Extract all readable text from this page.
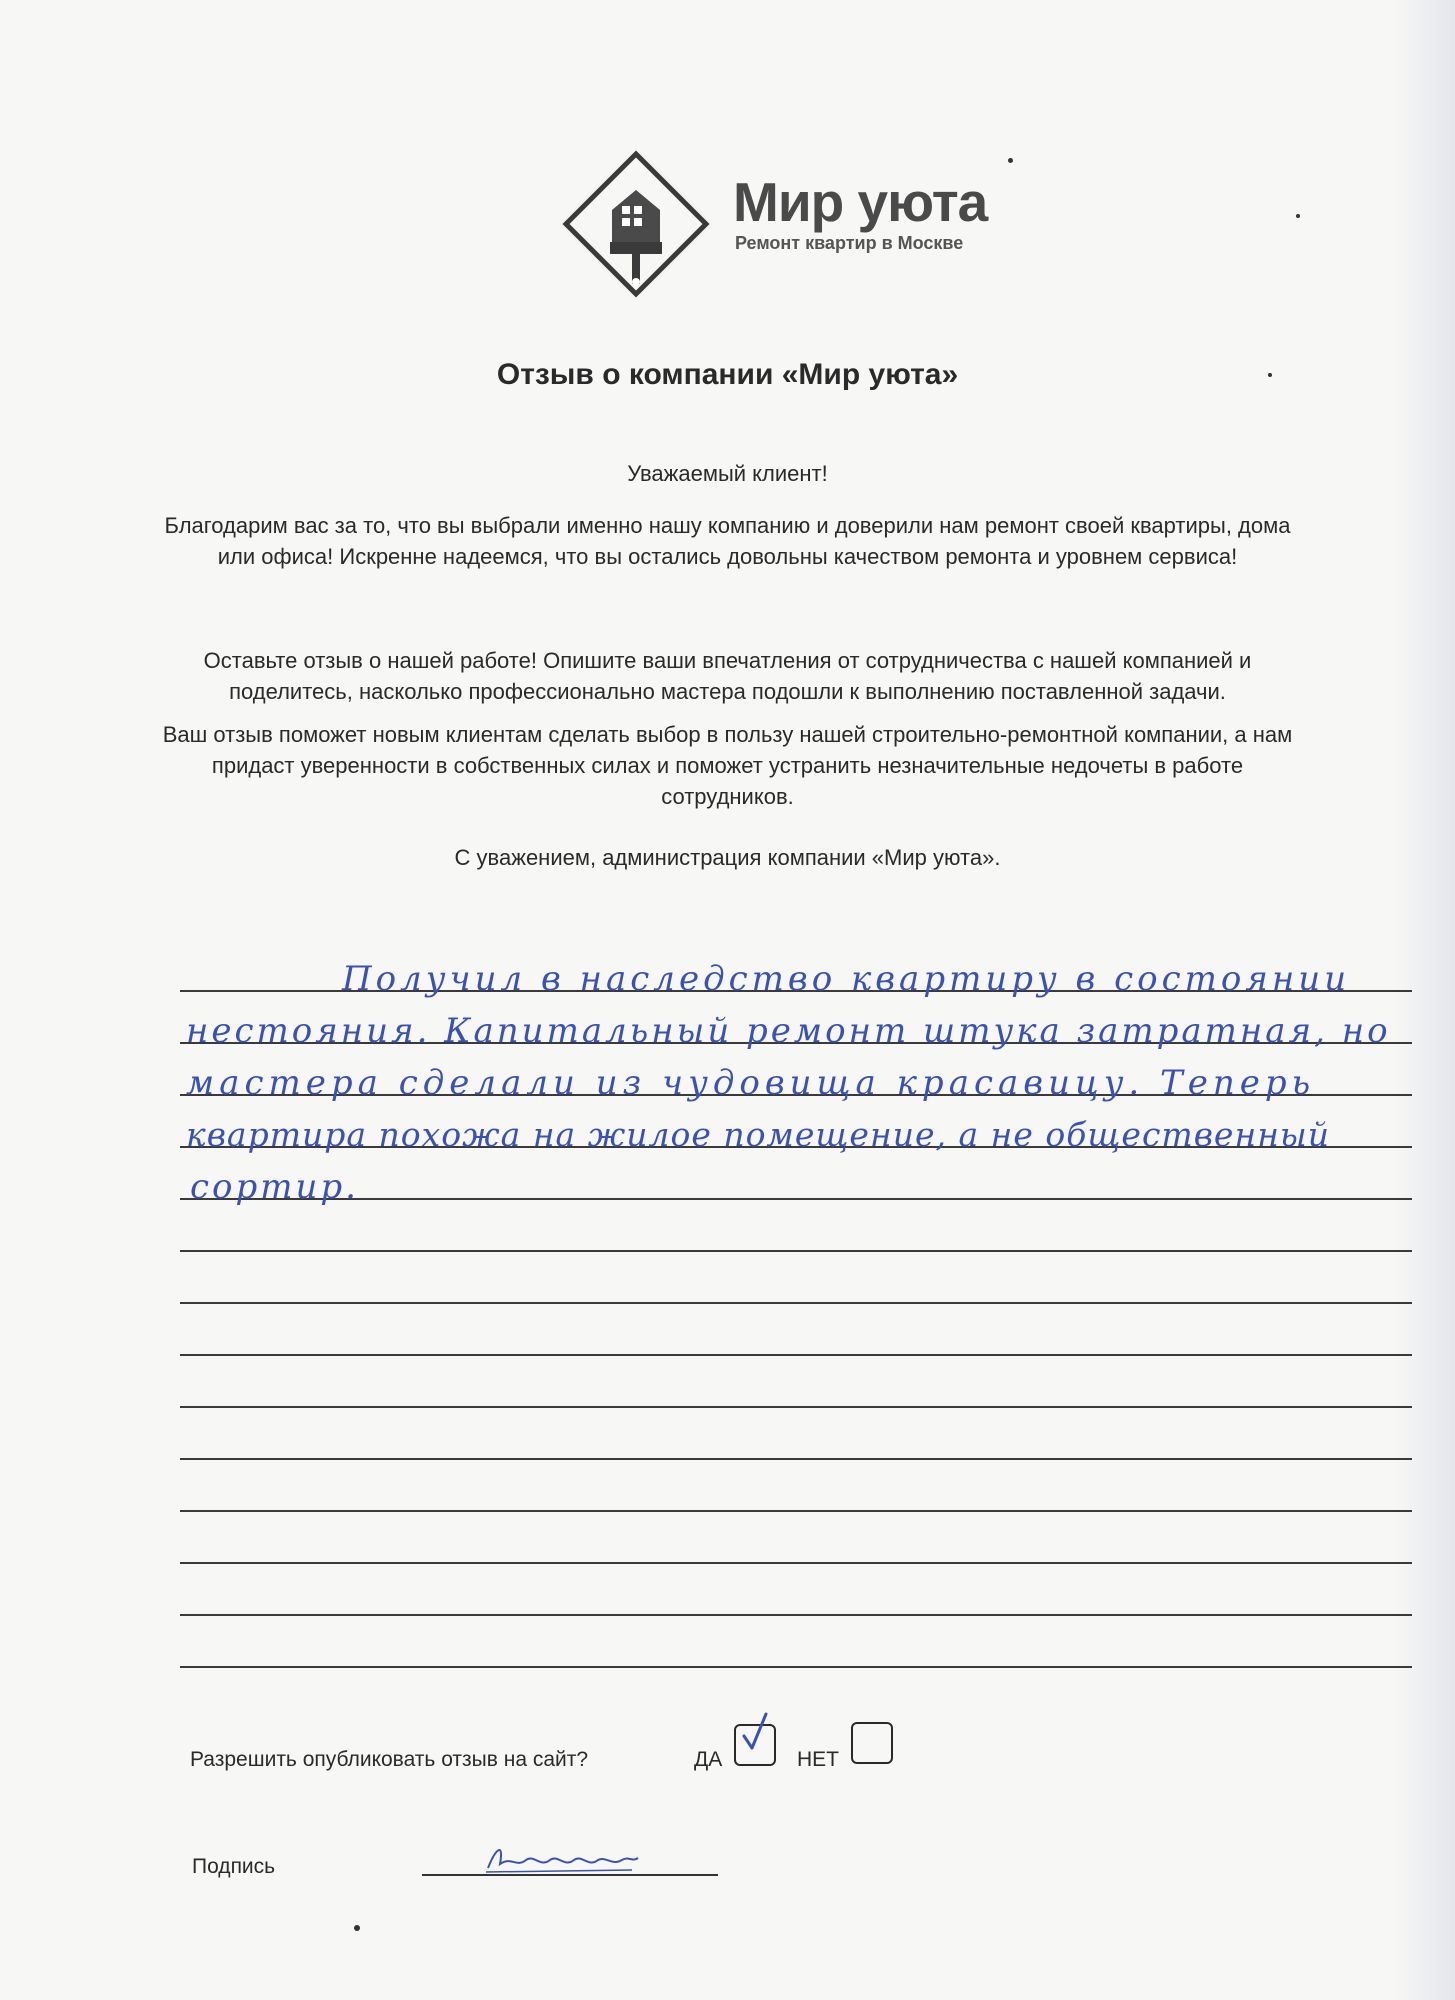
Мир уюта
Ремонт квартир в Москве
Отзыв о компании «Мир уюта»
Уважаемый клиент!
Благодарим вас за то, что вы выбрали именно нашу компанию и доверили нам ремонт своей квартиры, дома или офиса! Искренне надеемся, что вы остались довольны качеством ремонта и уровнем сервиса!
Оставьте отзыв о нашей работе! Опишите ваши впечатления от сотрудничества с нашей компанией и поделитесь, насколько профессионально мастера подошли к выполнению поставленной задачи.
Ваш отзыв поможет новым клиентам сделать выбор в пользу нашей строительно-ремонтной компании, а нам придаст уверенности в собственных силах и поможет устранить незначительные недочеты в работе сотрудников.
С уважением, администрация компании «Мир уюта».
Получил в наследство квартиру в состоянии
нестояния. Капитальный ремонт штука затратная, но
мастера сделали из чудовища красавицу. Теперь
квартира похожа на жилое помещение, а не общественный
сортир.
Разрешить опубликовать отзыв на сайт?	ДА	НЕТ
Подпись
